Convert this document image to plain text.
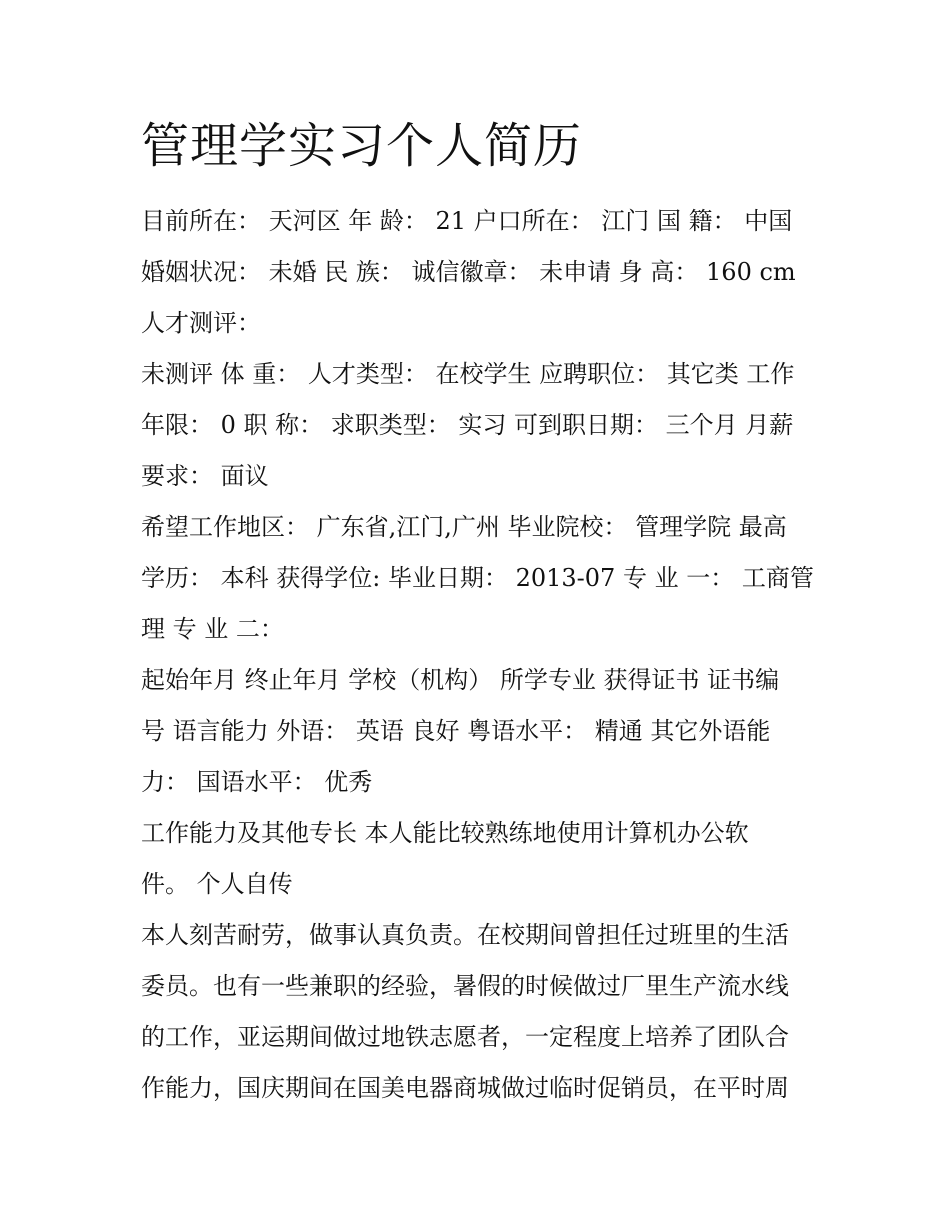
管理学实习个人简历
目前所在： 天河区 年 龄： 21 户口所在： 江门 国 籍： 中国
婚姻状况： 未婚 民 族： 诚信徽章： 未申请 身 高： 160 cm
人才测评：
未测评 体 重： 人才类型： 在校学生 应聘职位： 其它类 工作
年限： 0 职 称： 求职类型： 实习 可到职日期： 三个月 月薪
要求： 面议
希望工作地区： 广东省,江门,广州 毕业院校： 管理学院 最高
学历： 本科 获得学位: 毕业日期： 2013-07 专 业 一： 工商管
理 专 业 二：
起始年月 终止年月 学校（机构） 所学专业 获得证书 证书编
号 语言能力 外语： 英语 良好 粤语水平： 精通 其它外语能
力： 国语水平： 优秀
工作能力及其他专长 本人能比较熟练地使用计算机办公软
件。 个人自传
本人刻苦耐劳，做事认真负责。在校期间曾担任过班里的生活
委员。也有一些兼职的经验，暑假的时候做过厂里生产流水线
的工作，亚运期间做过地铁志愿者，一定程度上培养了团队合
作能力，国庆期间在国美电器商城做过临时促销员，在平时周
